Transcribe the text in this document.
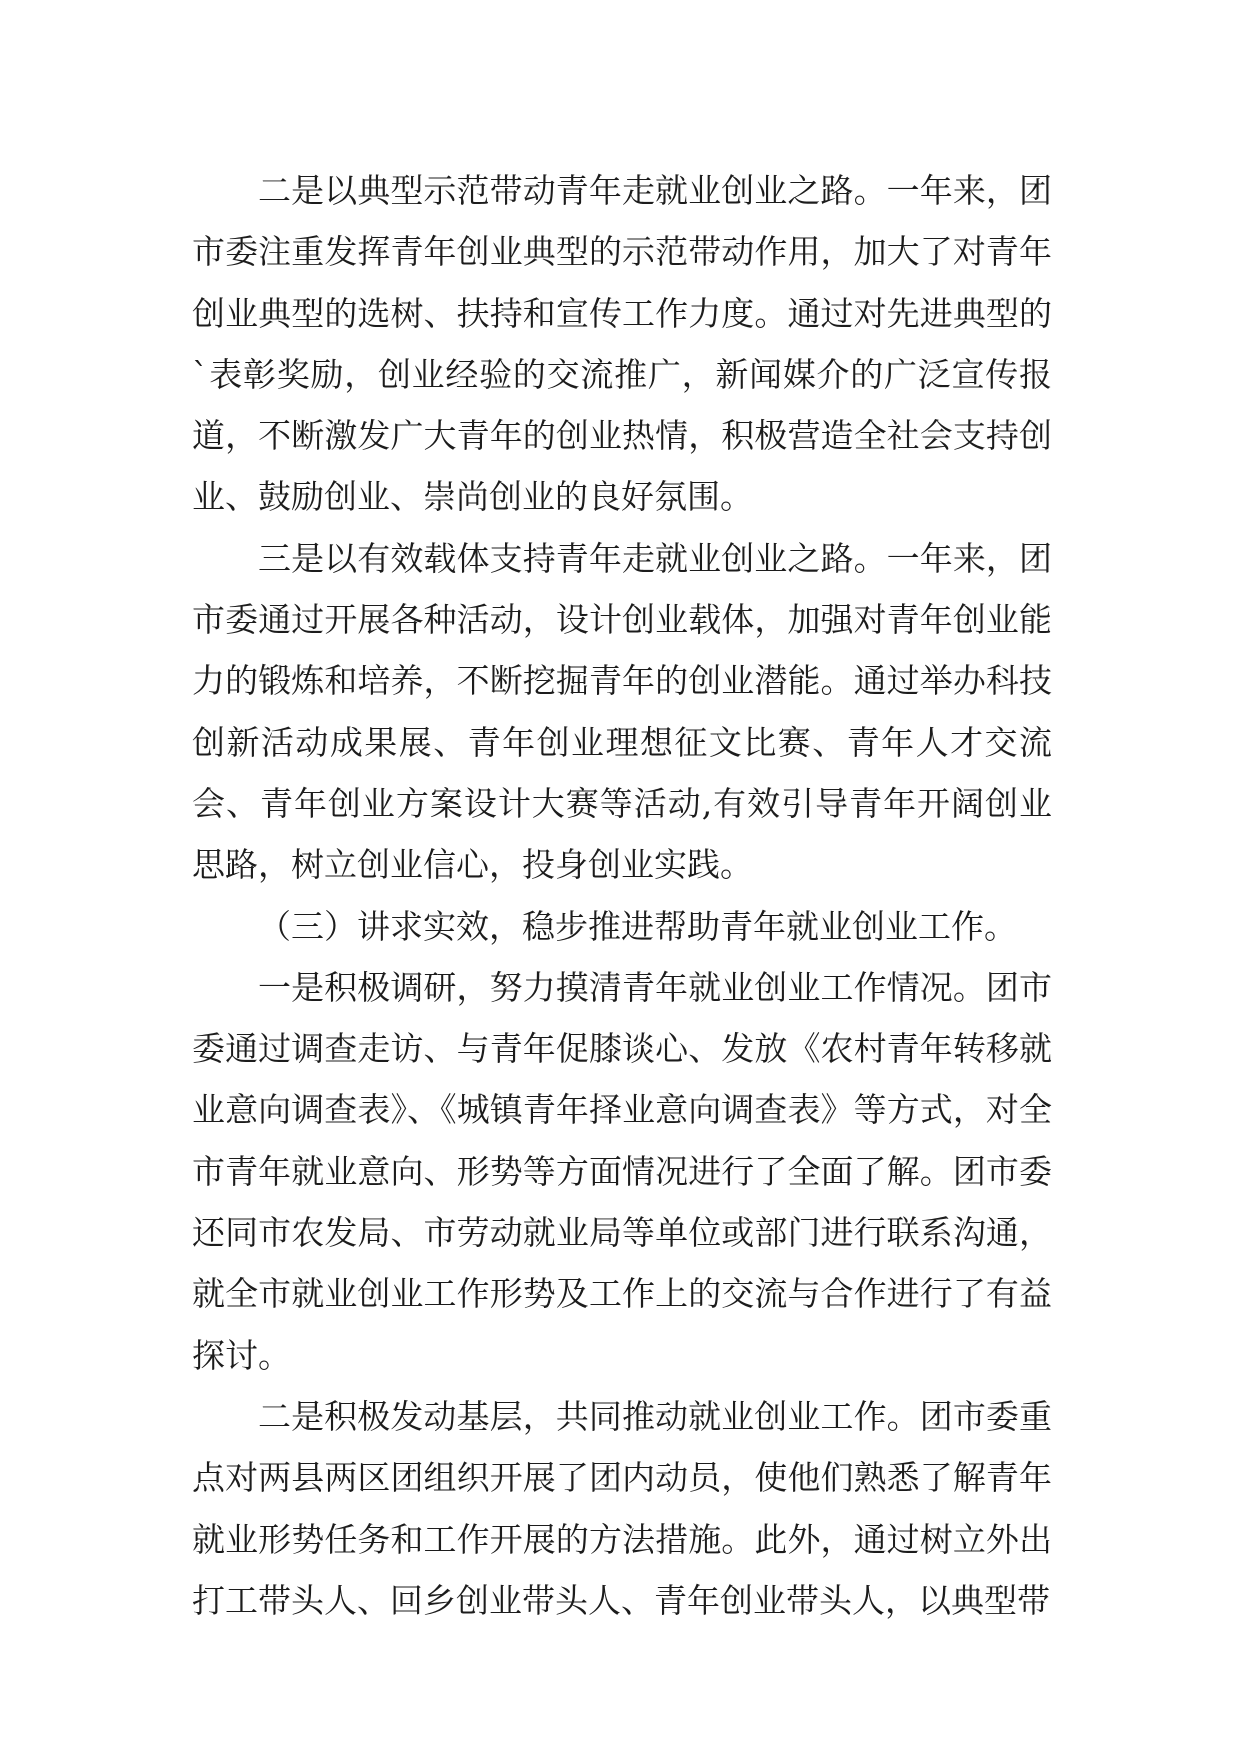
二是以典型示范带动青年走就业创业之路。一年来，团市委注重发挥青年创业典型的示范带动作用，加大了对青年创业典型的选树、扶持和宣传工作力度。通过对先进典型的`表彰奖励，创业经验的交流推广，新闻媒介的广泛宣传报道，不断激发广大青年的创业热情，积极营造全社会支持创业、鼓励创业、崇尚创业的良好氛围。

三是以有效载体支持青年走就业创业之路。一年来，团市委通过开展各种活动，设计创业载体，加强对青年创业能力的锻炼和培养，不断挖掘青年的创业潜能。通过举办科技创新活动成果展、青年创业理想征文比赛、青年人才交流会、青年创业方案设计大赛等活动,有效引导青年开阔创业思路，树立创业信心，投身创业实践。

（三）讲求实效，稳步推进帮助青年就业创业工作。

一是积极调研，努力摸清青年就业创业工作情况。团市委通过调查走访、与青年促膝谈心、发放《农村青年转移就业意向调查表》、《城镇青年择业意向调查表》等方式，对全市青年就业意向、形势等方面情况进行了全面了解。团市委还同市农发局、市劳动就业局等单位或部门进行联系沟通，就全市就业创业工作形势及工作上的交流与合作进行了有益探讨。

二是积极发动基层，共同推动就业创业工作。团市委重点对两县两区团组织开展了团内动员，使他们熟悉了解青年就业形势任务和工作开展的方法措施。此外，通过树立外出打工带头人、回乡创业带头人、青年创业带头人，以典型带
